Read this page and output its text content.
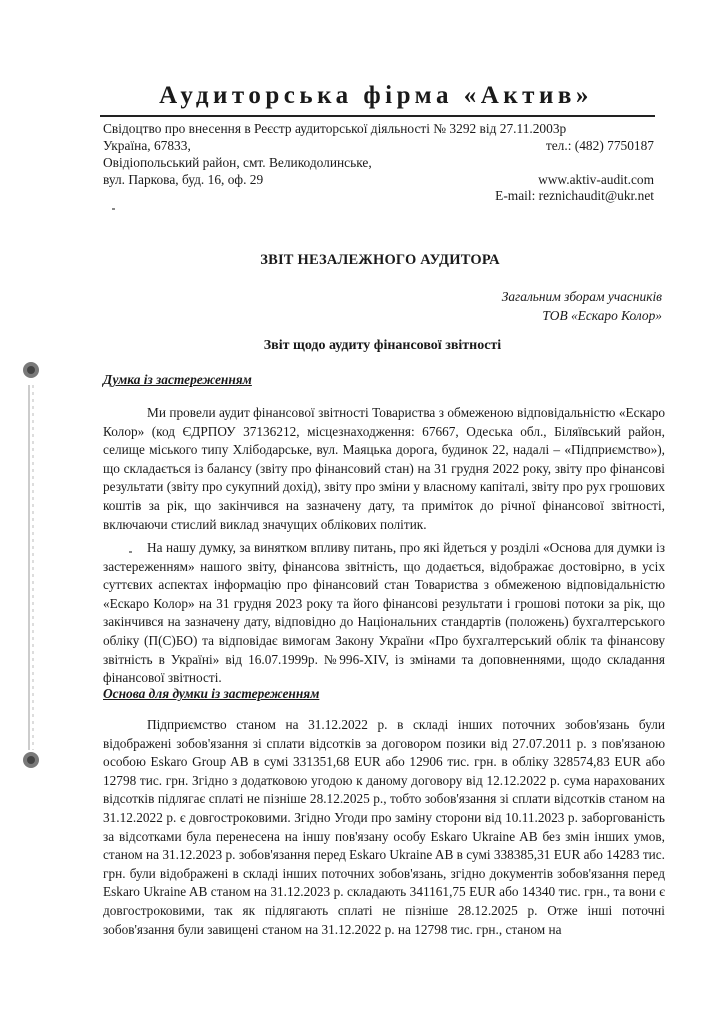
Аудиторська фірма «Актив»
Свідоцтво про внесення в Реєстр аудиторської діяльності № 3292 від 27.11.2003р
Україна, 67833,	тел.: (482) 7750187
Овідіопольський район, смт. Великодолинське,
вул. Паркова, буд. 16, оф. 29	www.aktiv-audit.com
E-mail: reznichaudit@ukr.net
ЗВІТ НЕЗАЛЕЖНОГО АУДИТОРА
Загальним зборам учасників
ТОВ «Ескаро Колор»
Звіт щодо аудиту фінансової звітності
Думка із застереженням

Ми провели аудит фінансової звітності Товариства з обмеженою відповідальністю «Ескаро Колор» (код ЄДРПОУ 37136212, місцезнаходження: 67667, Одеська обл., Біляївський район, селище міського типу Хлібодарське, вул. Маяцька дорога, будинок 22, надалі – «Підприємство»), що складається із балансу (звіту про фінансовий стан) на 31 грудня 2022 року, звіту про фінансові результати (звіту про сукупний дохід), звіту про зміни у власному капіталі, звіту про рух грошових коштів за рік, що закінчився на зазначену дату, та приміток до річної фінансової звітності, включаючи стислий виклад значущих облікових політик.

На нашу думку, за винятком впливу питань, про які йдеться у розділі «Основа для думки із застереженням» нашого звіту, фінансова звітність, що додається, відображає достовірно, в усіх суттєвих аспектах інформацію про фінансовий стан Товариства з обмеженою відповідальністю «Ескаро Колор» на 31 грудня 2023 року та його фінансові результати і грошові потоки за рік, що закінчився на зазначену дату, відповідно до Національних стандартів (положень) бухгалтерського обліку (П(С)БО) та відповідає вимогам Закону України «Про бухгалтерський облік та фінансову звітність в Україні» від 16.07.1999р. №996-XIV, із змінами та доповненнями, щодо складання фінансової звітності.

Основа для думки із застереженням

Підприємство станом на 31.12.2022 р. в складі інших поточних зобов'язань були відображені зобов'язання зі сплати відсотків за договором позики від 27.07.2011 р. з пов'язаною особою Eskaro Group AB в сумі 331351,68 EUR або 12906 тис. грн. в обліку 328574,83 EUR або 12798 тис. грн. Згідно з додатковою угодою к даному договору від 12.12.2022 р. сума нарахованих відсотків підлягає сплаті не пізніше 28.12.2025 р., тобто зобов'язання зі сплати відсотків станом на 31.12.2022 р. є довгостроковими. Згідно Угоди про заміну сторони від 10.11.2023 р. заборгованість за відсотками була перенесена на іншу пов'язану особу Eskaro Ukraine AB без змін інших умов, станом на 31.12.2023 р. зобов'язання перед Eskaro Ukraine AB в сумі 338385,31 EUR або 14283 тис. грн. були відображені в складі інших поточних зобов'язань, згідно документів зобов'язання перед Eskaro Ukraine AB станом на 31.12.2023 р. складають 341161,75 EUR або 14340 тис. грн., та вони є довгостроковими, так як підлягають сплаті не пізніше 28.12.2025 р. Отже інші поточні зобов'язання були завищені станом на 31.12.2022 р. на 12798 тис. грн., станом на
